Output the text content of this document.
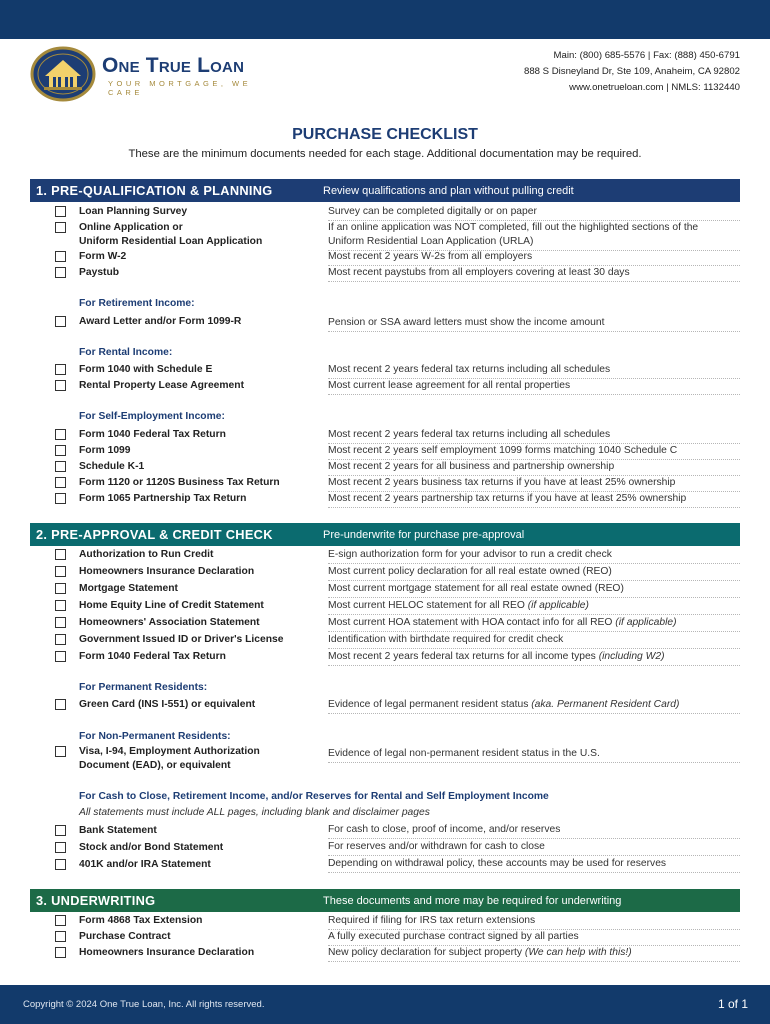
One True Loan
YOUR MORTGAGE, WE CARE
Main: (800) 685-5576 | Fax: (888) 450-6791
888 S Disneyland Dr, Ste 109, Anaheim, CA 92802
www.onetrueloan.com | NMLS: 1132440
PURCHASE CHECKLIST
These are the minimum documents needed for each stage. Additional documentation may be required.
1. PRE-QUALIFICATION & PLANNING	Review qualifications and plan without pulling credit
Loan Planning Survey	Survey can be completed digitally or on paper
Online Application or
Uniform Residential Loan Application
If an online application was NOT completed, fill out the highlighted sections of the
Uniform Residential Loan Application (URLA)
Form W-2	Most recent 2 years W-2s from all employers
Paystub	Most recent paystubs from all employers covering at least 30 days
For Retirement Income:
Award Letter and/or Form 1099-R	Pension or SSA award letters must show the income amount
For Rental Income:
Form 1040 with Schedule E	Most recent 2 years federal tax returns including all schedules
Rental Property Lease Agreement	Most current lease agreement for all rental properties
For Self-Employment Income:
Form 1040 Federal Tax Return	Most recent 2 years federal tax returns including all schedules
Form 1099	Most recent 2 years self employment 1099 forms matching 1040 Schedule C
Schedule K-1	Most recent 2 years for all business and partnership ownership
Form 1120 or 1120S Business Tax Return	Most recent 2 years business tax returns if you have at least 25% ownership
Form 1065 Partnership Tax Return	Most recent 2 years partnership tax returns if you have at least 25% ownership
2. PRE-APPROVAL & CREDIT CHECK	Pre-underwrite for purchase pre-approval
Authorization to Run Credit	E-sign authorization form for your advisor to run a credit check
Homeowners Insurance Declaration	Most current policy declaration for all real estate owned (REO)
Mortgage Statement	Most current mortgage statement for all real estate owned (REO)
Home Equity Line of Credit Statement	Most current HELOC statement for all REO (if applicable)
Homeowners' Association Statement	Most current HOA statement with HOA contact info for all REO (if applicable)
Government Issued ID or Driver's License	Identification with birthdate required for credit check
Form 1040 Federal Tax Return	Most recent 2 years federal tax returns for all income types (including W2)
For Permanent Residents:
Green Card (INS I-551) or equivalent	Evidence of legal permanent resident status (aka. Permanent Resident Card)
For Non-Permanent Residents:
Visa, I-94, Employment Authorization
Document (EAD), or equivalent
Evidence of legal non-permanent resident status in the U.S.
For Cash to Close, Retirement Income, and/or Reserves for Rental and Self Employment Income
All statements must include ALL pages, including blank and disclaimer pages
Bank Statement	For cash to close, proof of income, and/or reserves
Stock and/or Bond Statement	For reserves and/or withdrawn for cash to close
401K and/or IRA Statement	Depending on withdrawal policy, these accounts may be used for reserves
3. UNDERWRITING	These documents and more may be required for underwriting
Form 4868 Tax Extension	Required if filing for IRS tax return extensions
Purchase Contract	A fully executed purchase contract signed by all parties
Homeowners Insurance Declaration	New policy declaration for subject property (We can help with this!)
Copyright © 2024 One True Loan, Inc. All rights reserved.	1 of 1
